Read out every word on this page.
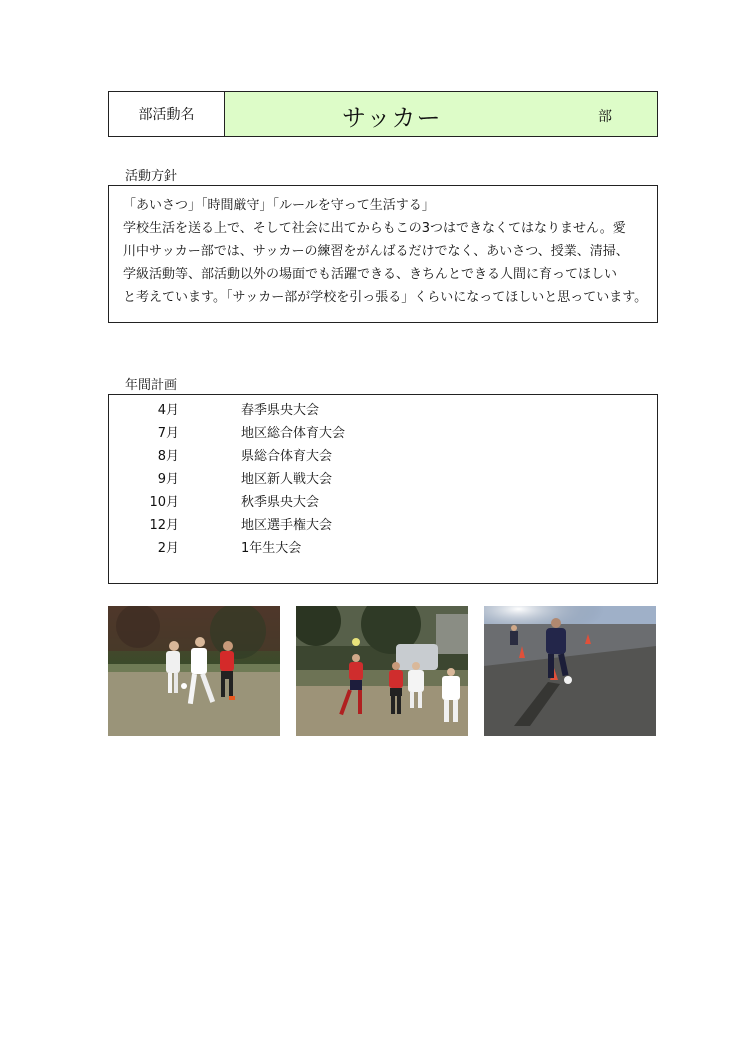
部活動名	サッカー	部
活動方針
「あいさつ」「時間厳守」「ルールを守って生活する」
学校生活を送る上で、そして社会に出てからもこの3つはできなくてはなりません。愛
川中サッカー部では、サッカーの練習をがんばるだけでなく、あいさつ、授業、清掃、
学級活動等、部活動以外の場面でも活躍できる、きちんとできる人間に育ってほしい
と考えています。「サッカー部が学校を引っ張る」くらいになってほしいと思っています。
年間計画
4月	春季県央大会
7月	地区総合体育大会
8月	県総合体育大会
9月	地区新人戦大会
10月	秋季県央大会
12月	地区選手権大会
2月	1年生大会
